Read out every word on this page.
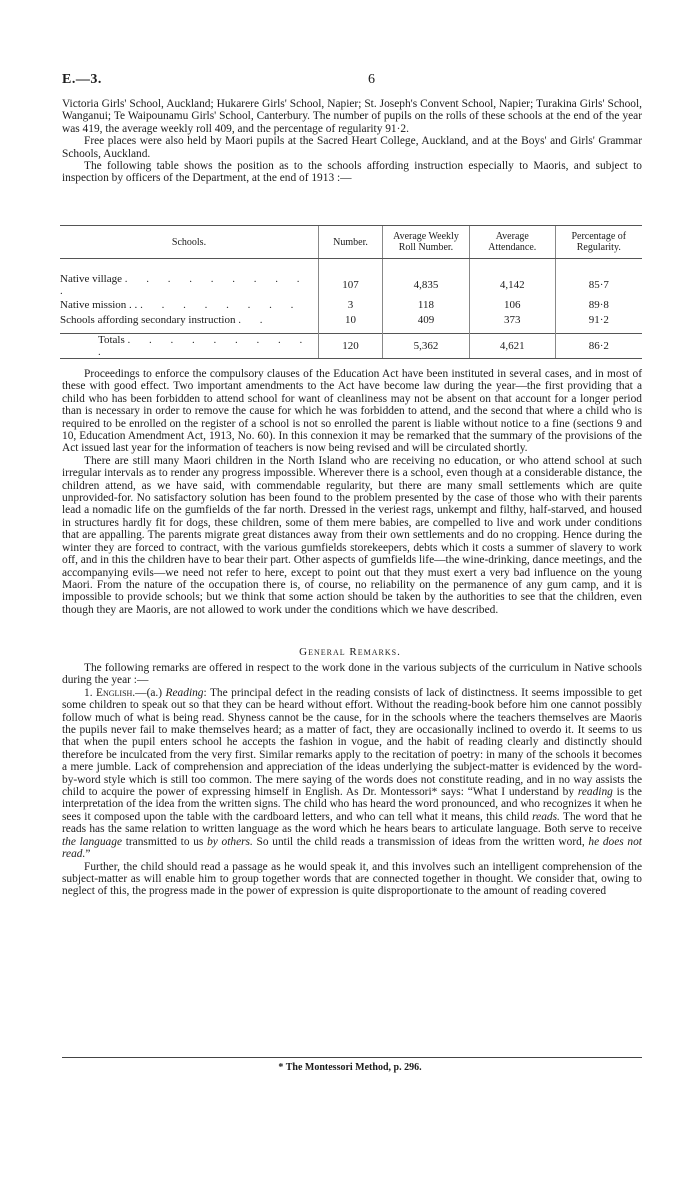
E.—3.	6

Victoria Girls' School, Auckland; Hukarere Girls' School, Napier; St. Joseph's Convent School, Napier; Turakina Girls' School, Wanganui; Te Waipounamu Girls' School, Canterbury. The number of pupils on the rolls of these schools at the end of the year was 419, the average weekly roll 409, and the percentage of regularity 91·2.

Free places were also held by Maori pupils at the Sacred Heart College, Auckland, and at the Boys' and Girls' Grammar Schools, Auckland.

The following table shows the position as to the schools affording instruction especially to Maoris, and subject to inspection by officers of the Department, at the end of 1913 :—

Schools.	Number.	Average Weekly Roll Number.	Average Attendance.	Percentage of Regularity.
Native village . . . . . . . . . .	107	4,835	4,142	85·7
Native mission . . . . . . . . . .	3	118	106	89·8
Schools affording secondary instruction . .	10	409	373	91·2
Totals . . . . . . . . . .	120	5,362	4,621	86·2

Proceedings to enforce the compulsory clauses of the Education Act have been instituted in several cases, and in most of these with good effect. Two important amendments to the Act have become law during the year—the first providing that a child who has been forbidden to attend school for want of cleanliness may not be absent on that account for a longer period than is necessary in order to remove the cause for which he was forbidden to attend, and the second that where a child who is required to be enrolled on the register of a school is not so enrolled the parent is liable without notice to a fine (sections 9 and 10, Education Amendment Act, 1913, No. 60). In this connexion it may be remarked that the summary of the provisions of the Act issued last year for the information of teachers is now being revised and will be circulated shortly.

There are still many Maori children in the North Island who are receiving no education, or who attend school at such irregular intervals as to render any progress impossible. Wherever there is a school, even though at a considerable distance, the children attend, as we have said, with commendable regularity, but there are many small settlements which are quite unprovided-for. No satisfactory solution has been found to the problem presented by the case of those who with their parents lead a nomadic life on the gumfields of the far north. Dressed in the veriest rags, unkempt and filthy, half-starved, and housed in structures hardly fit for dogs, these children, some of them mere babies, are compelled to live and work under conditions that are appalling. The parents migrate great distances away from their own settlements and do no cropping. Hence during the winter they are forced to contract, with the various gumfields storekeepers, debts which it costs a summer of slavery to work off, and in this the children have to bear their part. Other aspects of gumfields life—the wine-drinking, dance meetings, and the accompanying evils—we need not refer to here, except to point out that they must exert a very bad influence on the young Maori. From the nature of the occupation there is, of course, no reliability on the permanence of any gum camp, and it is impossible to provide schools; but we think that some action should be taken by the authorities to see that the children, even though they are Maoris, are not allowed to work under the conditions which we have described.

General Remarks.

The following remarks are offered in respect to the work done in the various subjects of the curriculum in Native schools during the year :—

1. English.—(a.) Reading: The principal defect in the reading consists of lack of distinctness. It seems impossible to get some children to speak out so that they can be heard without effort. Without the reading-book before him one cannot possibly follow much of what is being read. Shyness cannot be the cause, for in the schools where the teachers themselves are Maoris the pupils never fail to make themselves heard; as a matter of fact, they are occasionally inclined to overdo it. It seems to us that when the pupil enters school he accepts the fashion in vogue, and the habit of reading clearly and distinctly should therefore be inculcated from the very first. Similar remarks apply to the recitation of poetry: in many of the schools it becomes a mere jumble. Lack of comprehension and appreciation of the ideas underlying the subject-matter is evidenced by the word-by-word style which is still too common. The mere saying of the words does not constitute reading, and in no way assists the child to acquire the power of expressing himself in English. As Dr. Montessori* says: “What I understand by reading is the interpretation of the idea from the written signs. The child who has heard the word pronounced, and who recognizes it when he sees it composed upon the table with the cardboard letters, and who can tell what it means, this child reads. The word that he reads has the same relation to written language as the word which he hears bears to articulate language. Both serve to receive the language transmitted to us by others. So until the child reads a transmission of ideas from the written word, he does not read.”

Further, the child should read a passage as he would speak it, and this involves such an intelligent comprehension of the subject-matter as will enable him to group together words that are connected together in thought. We consider that, owing to neglect of this, the progress made in the power of expression is quite disproportionate to the amount of reading covered

* The Montessori Method, p. 296.
